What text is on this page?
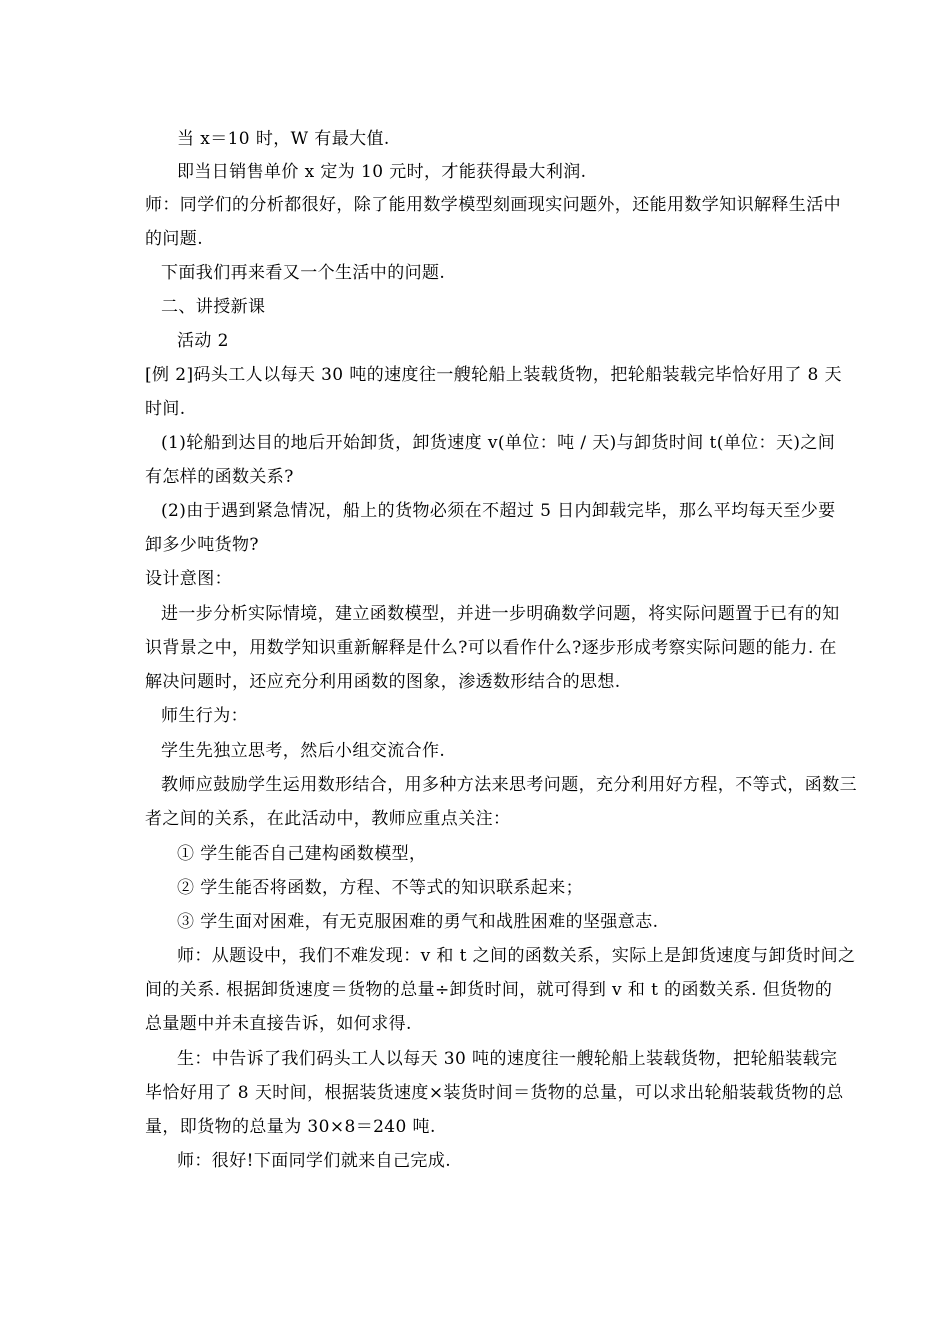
当 x＝10 时，W 有最大值.
即当日销售单价 x 定为 10 元时，才能获得最大利润.
师：同学们的分析都很好，除了能用数学模型刻画现实问题外，还能用数学知识解释生活中
的问题.
下面我们再来看又一个生活中的问题.
二、讲授新课
活动 2
[例 2]码头工人以每天 30 吨的速度往一艘轮船上装载货物，把轮船装载完毕恰好用了 8 天
时间.
(1)轮船到达目的地后开始卸货，卸货速度 v(单位：吨 / 天)与卸货时间 t(单位：天)之间
有怎样的函数关系?
(2)由于遇到紧急情况，船上的货物必须在不超过 5 日内卸载完毕，那么平均每天至少要
卸多少吨货物?
设计意图：
进一步分析实际情境，建立函数模型，并进一步明确数学问题，将实际问题置于已有的知
识背景之中，用数学知识重新解释是什么?可以看作什么?逐步形成考察实际问题的能力. 在
解决问题时，还应充分利用函数的图象，渗透数形结合的思想.
师生行为：
学生先独立思考，然后小组交流合作.
教师应鼓励学生运用数形结合，用多种方法来思考问题，充分利用好方程，不等式，函数三
者之间的关系，在此活动中，教师应重点关注：
① 学生能否自己建构函数模型，
② 学生能否将函数，方程、不等式的知识联系起来；
③ 学生面对困难，有无克服困难的勇气和战胜困难的坚强意志.
师：从题设中，我们不难发现：v 和 t 之间的函数关系，实际上是卸货速度与卸货时间之
间的关系. 根据卸货速度＝货物的总量÷卸货时间，就可得到 v 和 t 的函数关系. 但货物的
总量题中并未直接告诉，如何求得.
生：中告诉了我们码头工人以每天 30 吨的速度往一艘轮船上装载货物，把轮船装载完
毕恰好用了 8 天时间，根据装货速度×装货时间＝货物的总量，可以求出轮船装载货物的总
量，即货物的总量为 30×8＝240 吨.
师：很好!下面同学们就来自己完成.
